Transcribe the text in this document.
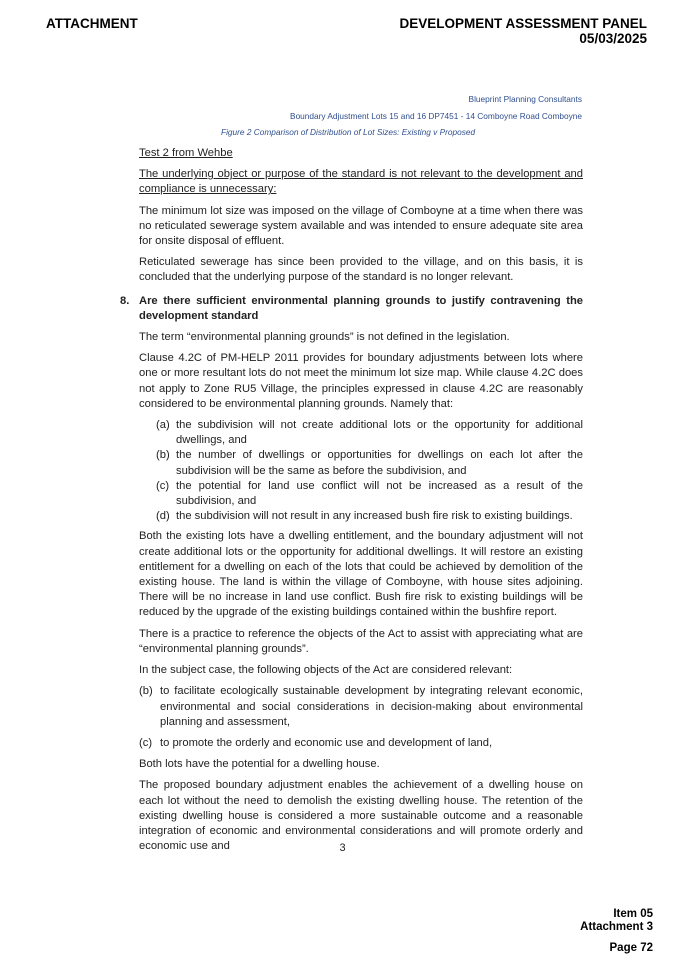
ATTACHMENT	DEVELOPMENT ASSESSMENT PANEL
05/03/2025
Blueprint Planning Consultants
Boundary Adjustment Lots 15 and 16 DP7451 - 14 Comboyne Road Comboyne
Figure 2 Comparison of Distribution of Lot Sizes: Existing v Proposed

Test 2 from Wehbe

The underlying object or purpose of the standard is not relevant to the development and compliance is unnecessary:

The minimum lot size was imposed on the village of Comboyne at a time when there was no reticulated sewerage system available and was intended to ensure adequate site area for onsite disposal of effluent.

Reticulated sewerage has since been provided to the village, and on this basis, it is concluded that the underlying purpose of the standard is no longer relevant.

8. Are there sufficient environmental planning grounds to justify contravening the development standard

The term “environmental planning grounds” is not defined in the legislation.

Clause 4.2C of PM-HELP 2011 provides for boundary adjustments between lots where one or more resultant lots do not meet the minimum lot size map. While clause 4.2C does not apply to Zone RU5 Village, the principles expressed in clause 4.2C are reasonably considered to be environmental planning grounds. Namely that:

(a) the subdivision will not create additional lots or the opportunity for additional dwellings, and
(b) the number of dwellings or opportunities for dwellings on each lot after the subdivision will be the same as before the subdivision, and
(c) the potential for land use conflict will not be increased as a result of the subdivision, and
(d) the subdivision will not result in any increased bush fire risk to existing buildings.

Both the existing lots have a dwelling entitlement, and the boundary adjustment will not create additional lots or the opportunity for additional dwellings. It will restore an existing entitlement for a dwelling on each of the lots that could be achieved by demolition of the existing house. The land is within the village of Comboyne, with house sites adjoining. There will be no increase in land use conflict. Bush fire risk to existing buildings will be reduced by the upgrade of the existing buildings contained within the bushfire report.

There is a practice to reference the objects of the Act to assist with appreciating what are “environmental planning grounds”.

In the subject case, the following objects of the Act are considered relevant:

(b) to facilitate ecologically sustainable development by integrating relevant economic, environmental and social considerations in decision-making about environmental planning and assessment,
(c) to promote the orderly and economic use and development of land,

Both lots have the potential for a dwelling house.

The proposed boundary adjustment enables the achievement of a dwelling house on each lot without the need to demolish the existing dwelling house. The retention of the existing dwelling house is considered a more sustainable outcome and a reasonable integration of economic and environmental considerations and will promote orderly and economic use and	3
Item 05
Attachment 3
Page 72
